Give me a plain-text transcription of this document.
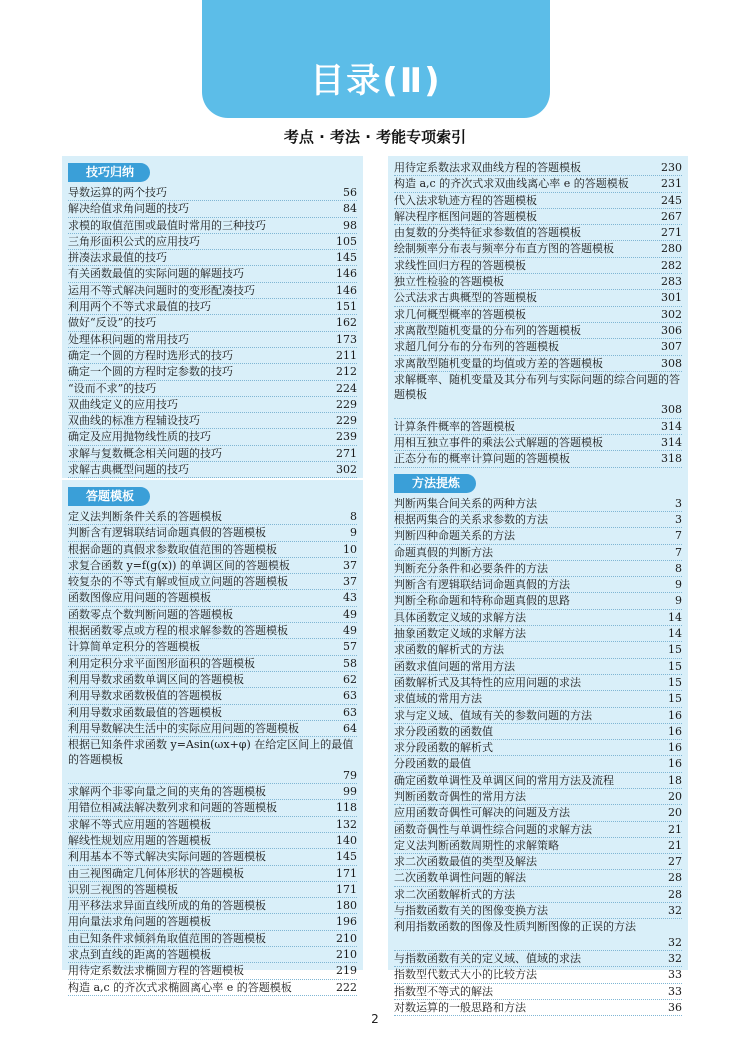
目录(Ⅱ)
考点 · 考法 · 考能专项索引
技巧归纳
导数运算的两个技巧	56
解决给值求角问题的技巧	84
求模的取值范围或最值时常用的三种技巧	98
三角形面积公式的应用技巧	105
拼凑法求最值的技巧	145
有关函数最值的实际问题的解题技巧	146
运用不等式解决问题时的变形配凑技巧	146
利用两个不等式求最值的技巧	151
做好“反设”的技巧	162
处理体积问题的常用技巧	173
确定一个圆的方程时选形式的技巧	211
确定一个圆的方程时定参数的技巧	212
“设而不求”的技巧	224
双曲线定义的应用技巧	229
双曲线的标准方程辅设技巧	229
确定及应用抛物线性质的技巧	239
求解与复数概念相关问题的技巧	271
求解古典概型问题的技巧	302
答题模板
定义法判断条件关系的答题模板	8
判断含有逻辑联结词命题真假的答题模板	9
根据命题的真假求参数取值范围的答题模板	10
求复合函数 y=f(g(x)) 的单调区间的答题模板	37
较复杂的不等式有解或恒成立问题的答题模板	37
函数图像应用问题的答题模板	43
函数零点个数判断问题的答题模板	49
根据函数零点或方程的根求解参数的答题模板	49
计算简单定积分的答题模板	57
利用定积分求平面图形面积的答题模板	58
利用导数求函数单调区间的答题模板	62
利用导数求函数极值的答题模板	63
利用导数求函数最值的答题模板	63
利用导数解决生活中的实际应用问题的答题模板	64
根据已知条件求函数 y=Asin(ωx+φ) 在给定区间上的最值的答题模板
79
求解两个非零向量之间的夹角的答题模板	99
用错位相减法解决数列求和问题的答题模板	118
求解不等式应用题的答题模板	132
解线性规划应用题的答题模板	140
利用基本不等式解决实际问题的答题模板	145
由三视图确定几何体形状的答题模板	171
识别三视图的答题模板	171
用平移法求异面直线所成的角的答题模板	180
用向量法求角问题的答题模板	196
由已知条件求倾斜角取值范围的答题模板	210
求点到直线的距离的答题模板	210
用待定系数法求椭圆方程的答题模板	219
构造 a,c 的齐次式求椭圆离心率 e 的答题模板	222
用待定系数法求双曲线方程的答题模板	230
构造 a,c 的齐次式求双曲线离心率 e 的答题模板	231
代入法求轨迹方程的答题模板	245
解决程序框图问题的答题模板	267
由复数的分类特征求参数值的答题模板	271
绘制频率分布表与频率分布直方图的答题模板	280
求线性回归方程的答题模板	282
独立性检验的答题模板	283
公式法求古典概型的答题模板	301
求几何概型概率的答题模板	302
求离散型随机变量的分布列的答题模板	306
求超几何分布的分布列的答题模板	307
求离散型随机变量的均值或方差的答题模板	308
求解概率、随机变量及其分布列与实际问题的综合问题的答题模板
308
计算条件概率的答题模板	314
用相互独立事件的乘法公式解题的答题模板	314
正态分布的概率计算问题的答题模板	318
方法提炼
判断两集合间关系的两种方法	3
根据两集合的关系求参数的方法	3
判断四种命题关系的方法	7
命题真假的判断方法	7
判断充分条件和必要条件的方法	8
判断含有逻辑联结词命题真假的方法	9
判断全称命题和特称命题真假的思路	9
具体函数定义域的求解方法	14
抽象函数定义域的求解方法	14
求函数的解析式的方法	15
函数求值问题的常用方法	15
函数解析式及其特性的应用问题的求法	15
求值域的常用方法	15
求与定义域、值域有关的参数问题的方法	16
求分段函数的函数值	16
求分段函数的解析式	16
分段函数的最值	16
确定函数单调性及单调区间的常用方法及流程	18
判断函数奇偶性的常用方法	20
应用函数奇偶性可解决的问题及方法	20
函数奇偶性与单调性综合问题的求解方法	21
定义法判断函数周期性的求解策略	21
求二次函数最值的类型及解法	27
二次函数单调性问题的解法	28
求二次函数解析式的方法	28
与指数函数有关的图像变换方法	32
利用指数函数的图像及性质判断图像的正误的方法
32
与指数函数有关的定义域、值域的求法	32
指数型代数式大小的比较方法	33
指数型不等式的解法	33
对数运算的一般思路和方法	36
2
